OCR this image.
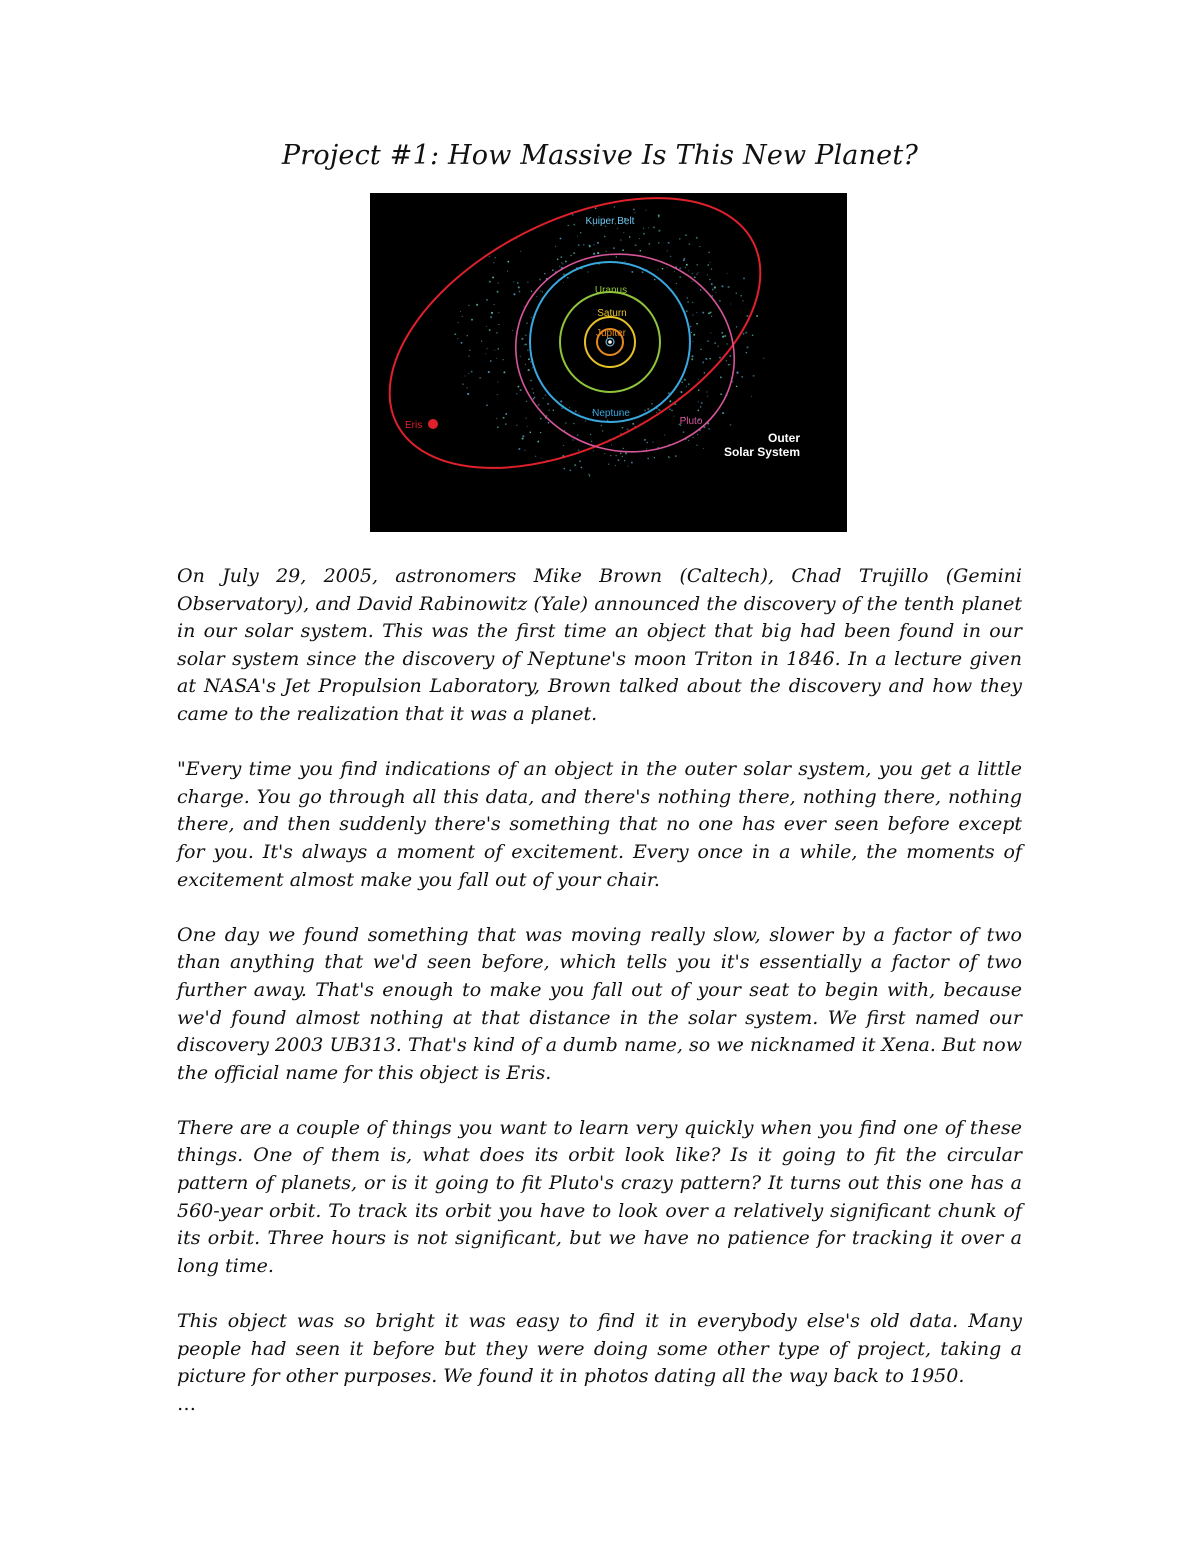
Project #1: How Massive Is This New Planet?
Kuiper Belt
Uranus
Saturn
Jupiter
Neptune
Pluto
Eris
Outer
Solar System

On July 29, 2005, astronomers Mike Brown (Caltech), Chad Trujillo (Gemini Observatory), and David Rabinowitz (Yale) announced the discovery of the tenth planet in our solar system. This was the first time an object that big had been found in our solar system since the discovery of Neptune's moon Triton in 1846. In a lecture given at NASA's Jet Propulsion Laboratory, Brown talked about the discovery and how they came to the realization that it was a planet.

"Every time you find indications of an object in the outer solar system, you get a little charge. You go through all this data, and there's nothing there, nothing there, nothing there, and then suddenly there's something that no one has ever seen before except for you. It's always a moment of excitement. Every once in a while, the moments of excitement almost make you fall out of your chair.

One day we found something that was moving really slow, slower by a factor of two than anything that we'd seen before, which tells you it's essentially a factor of two further away. That's enough to make you fall out of your seat to begin with, because we'd found almost nothing at that distance in the solar system. We first named our discovery 2003 UB313. That's kind of a dumb name, so we nicknamed it Xena. But now the official name for this object is Eris.

There are a couple of things you want to learn very quickly when you find one of these things. One of them is, what does its orbit look like? Is it going to fit the circular pattern of planets, or is it going to fit Pluto's crazy pattern? It turns out this one has a 560-year orbit. To track its orbit you have to look over a relatively significant chunk of its orbit. Three hours is not significant, but we have no patience for tracking it over a long time.

This object was so bright it was easy to find it in everybody else's old data. Many people had seen it before but they were doing some other type of project, taking a picture for other purposes. We found it in photos dating all the way back to 1950.

…
